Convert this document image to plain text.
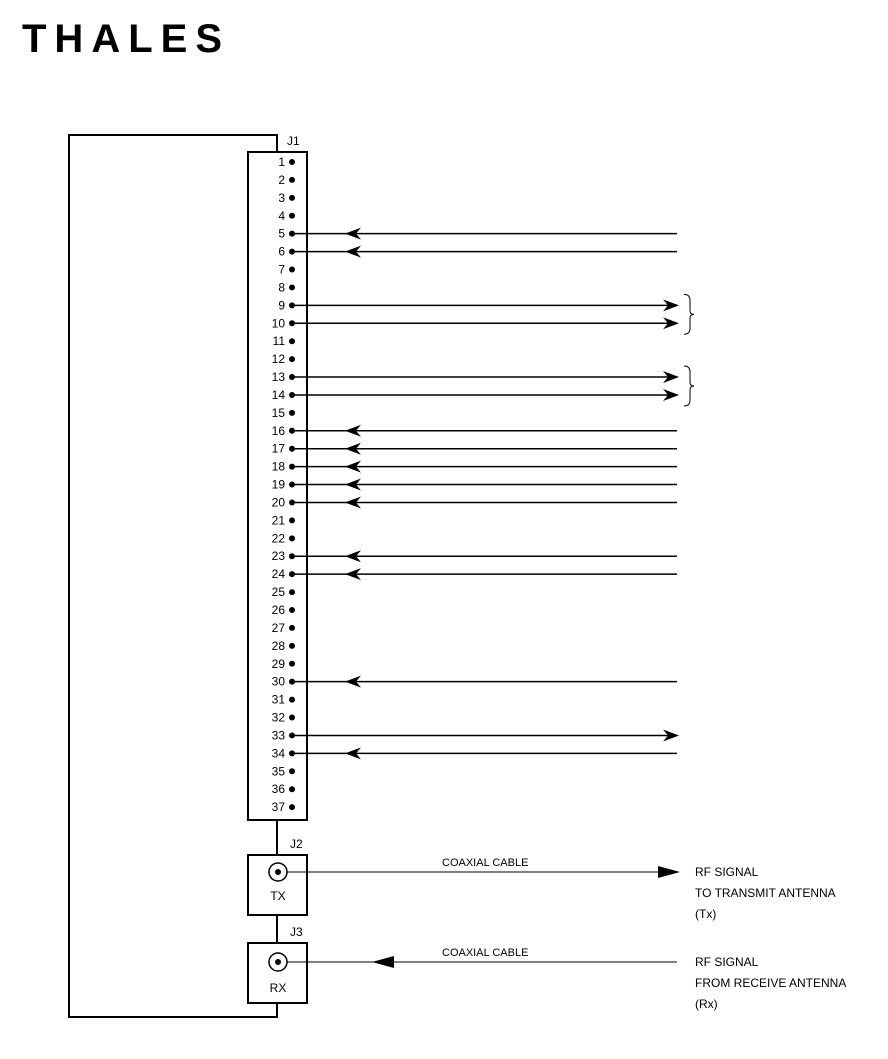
THALES
J1
1
2
3
4
5
6
7
8
9
10
11
12
13
14
15
16
17
18
19
20
21
22
23
24
25
26
27
28
29
30
31
32
33
34
35
36
37
J2
TX
COAXIAL CABLE
RF SIGNAL
TO TRANSMIT ANTENNA
(Tx)
J3
RX
COAXIAL CABLE
RF SIGNAL
FROM RECEIVE ANTENNA
(Rx)
